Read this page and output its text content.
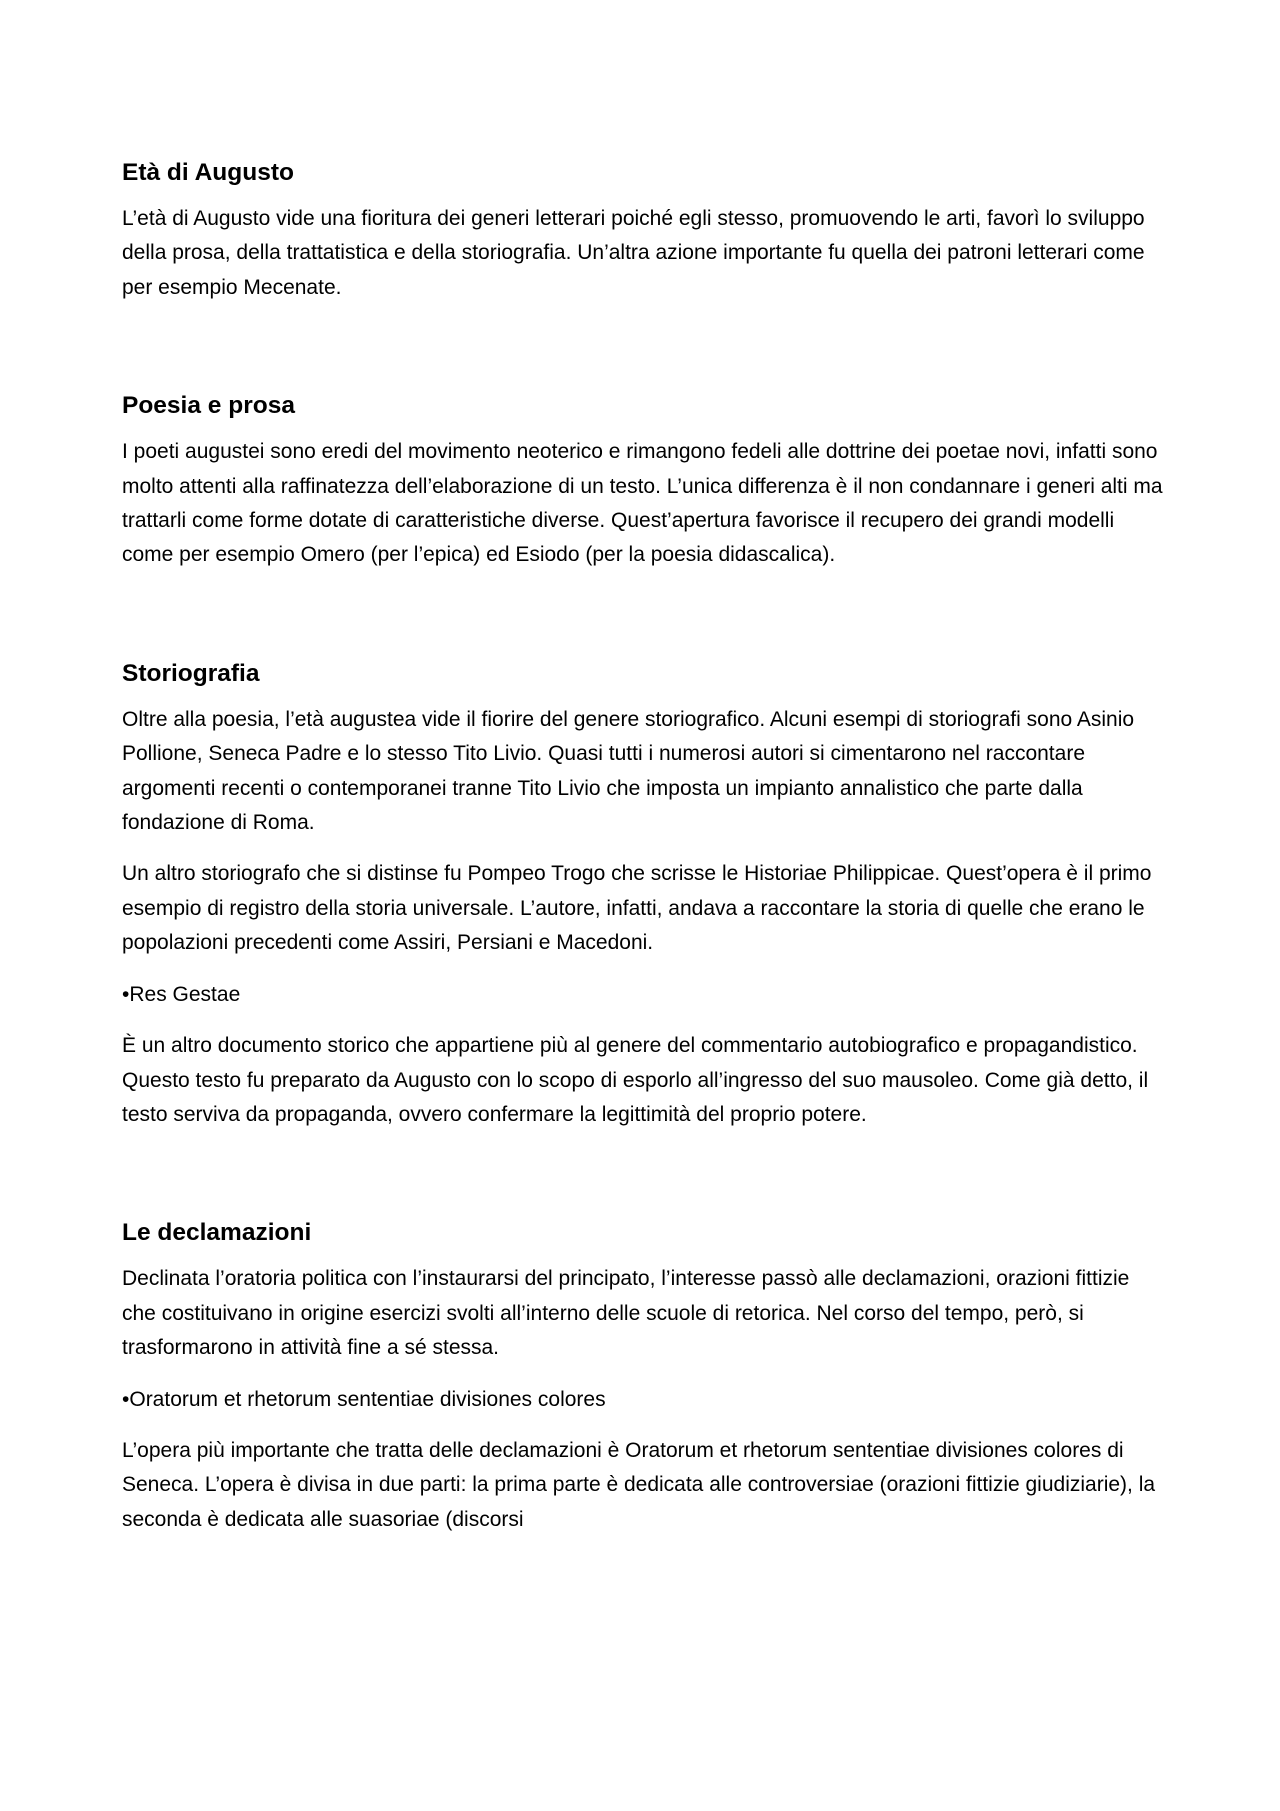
Età di Augusto

L’età di Augusto vide una fioritura dei generi letterari poiché egli stesso, promuovendo le arti, favorì lo sviluppo della prosa, della trattatistica e della storiografia. Un’altra azione importante fu quella dei patroni letterari come per esempio Mecenate.

Poesia e prosa

I poeti augustei sono eredi del movimento neoterico e rimangono fedeli alle dottrine dei poetae novi, infatti sono molto attenti alla raffinatezza dell’elaborazione di un testo. L’unica differenza è il non condannare i generi alti ma trattarli come forme dotate di caratteristiche diverse. Quest’apertura favorisce il recupero dei grandi modelli come per esempio Omero (per l’epica) ed Esiodo (per la poesia didascalica).

Storiografia

Oltre alla poesia, l’età augustea vide il fiorire del genere storiografico. Alcuni esempi di storiografi sono Asinio Pollione, Seneca Padre e lo stesso Tito Livio. Quasi tutti i numerosi autori si cimentarono nel raccontare argomenti recenti o contemporanei tranne Tito Livio che imposta un impianto annalistico che parte dalla fondazione di Roma.

Un altro storiografo che si distinse fu Pompeo Trogo che scrisse le Historiae Philippicae. Quest’opera è il primo esempio di registro della storia universale. L’autore, infatti, andava a raccontare la storia di quelle che erano le popolazioni precedenti come Assiri, Persiani e Macedoni.

•Res Gestae

È un altro documento storico che appartiene più al genere del commentario autobiografico e propagandistico. Questo testo fu preparato da Augusto con lo scopo di esporlo all’ingresso del suo mausoleo. Come già detto, il testo serviva da propaganda, ovvero confermare la legittimità del proprio potere.

Le declamazioni

Declinata l’oratoria politica con l’instaurarsi del principato, l’interesse passò alle declamazioni, orazioni fittizie che costituivano in origine esercizi svolti all’interno delle scuole di retorica. Nel corso del tempo, però, si trasformarono in attività fine a sé stessa.

•Oratorum et rhetorum sententiae divisiones colores

L’opera più importante che tratta delle declamazioni è Oratorum et rhetorum sententiae divisiones colores di Seneca. L’opera è divisa in due parti: la prima parte è dedicata alle controversiae (orazioni fittizie giudiziarie), la seconda è dedicata alle suasoriae (discorsi
